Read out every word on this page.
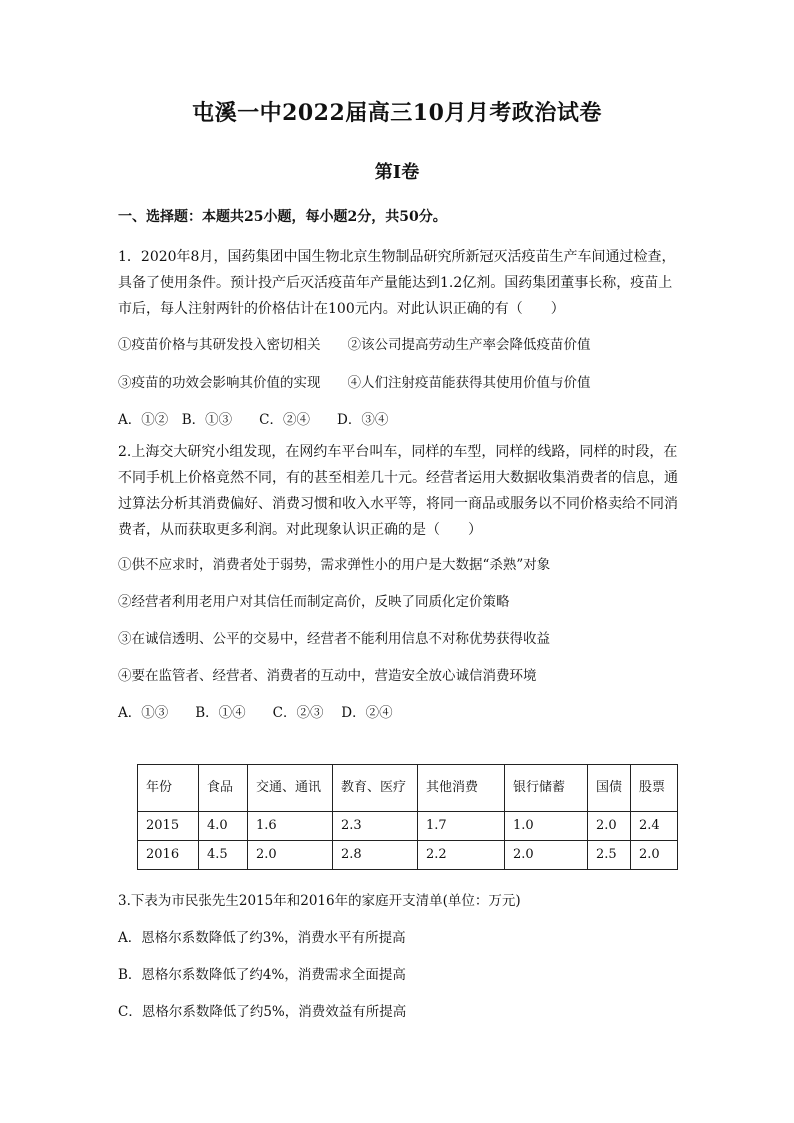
屯溪一中2022届高三10月月考政治试卷
第I卷
一、选择题：本题共25小题，每小题2分，共50分。
1．2020年8月，国药集团中国生物北京生物制品研究所新冠灭活疫苗生产车间通过检查，具备了使用条件。预计投产后灭活疫苗年产量能达到1.2亿剂。国药集团董事长称，疫苗上市后，每人注射两针的价格估计在100元内。对此认识正确的有（　　）
①疫苗价格与其研发投入密切相关　　②该公司提高劳动生产率会降低疫苗价值
③疫苗的功效会影响其价值的实现　　④人们注射疫苗能获得其使用价值与价值
A．①②　B．①③　　C．②④　　D．③④
2.上海交大研究小组发现，在网约车平台叫车，同样的车型，同样的线路，同样的时段，在不同手机上价格竟然不同，有的甚至相差几十元。经营者运用大数据收集消费者的信息，通过算法分析其消费偏好、消费习惯和收入水平等，将同一商品或服务以不同价格卖给不同消费者，从而获取更多利润。对此现象认识正确的是（　　）
①供不应求时，消费者处于弱势，需求弹性小的用户是大数据“杀熟”对象
②经营者利用老用户对其信任而制定高价，反映了同质化定价策略
③在诚信透明、公平的交易中，经营者不能利用信息不对称优势获得收益
④要在监管者、经营者、消费者的互动中，营造安全放心诚信消费环境
A．①③　　B．①④　　C．②③　 D．②④
年份	食品	交通、通讯	教育、医疗	其他消费	银行储蓄	国债	股票
2015	4.0	1.6	2.3	1.7	1.0	2.0	2.4
2016	4.5	2.0	2.8	2.2	2.0	2.5	2.0
3.下表为市民张先生2015年和2016年的家庭开支清单(单位：万元)
A．恩格尔系数降低了约3%，消费水平有所提高
B．恩格尔系数降低了约4%，消费需求全面提高
C．恩格尔系数降低了约5%，消费效益有所提高
